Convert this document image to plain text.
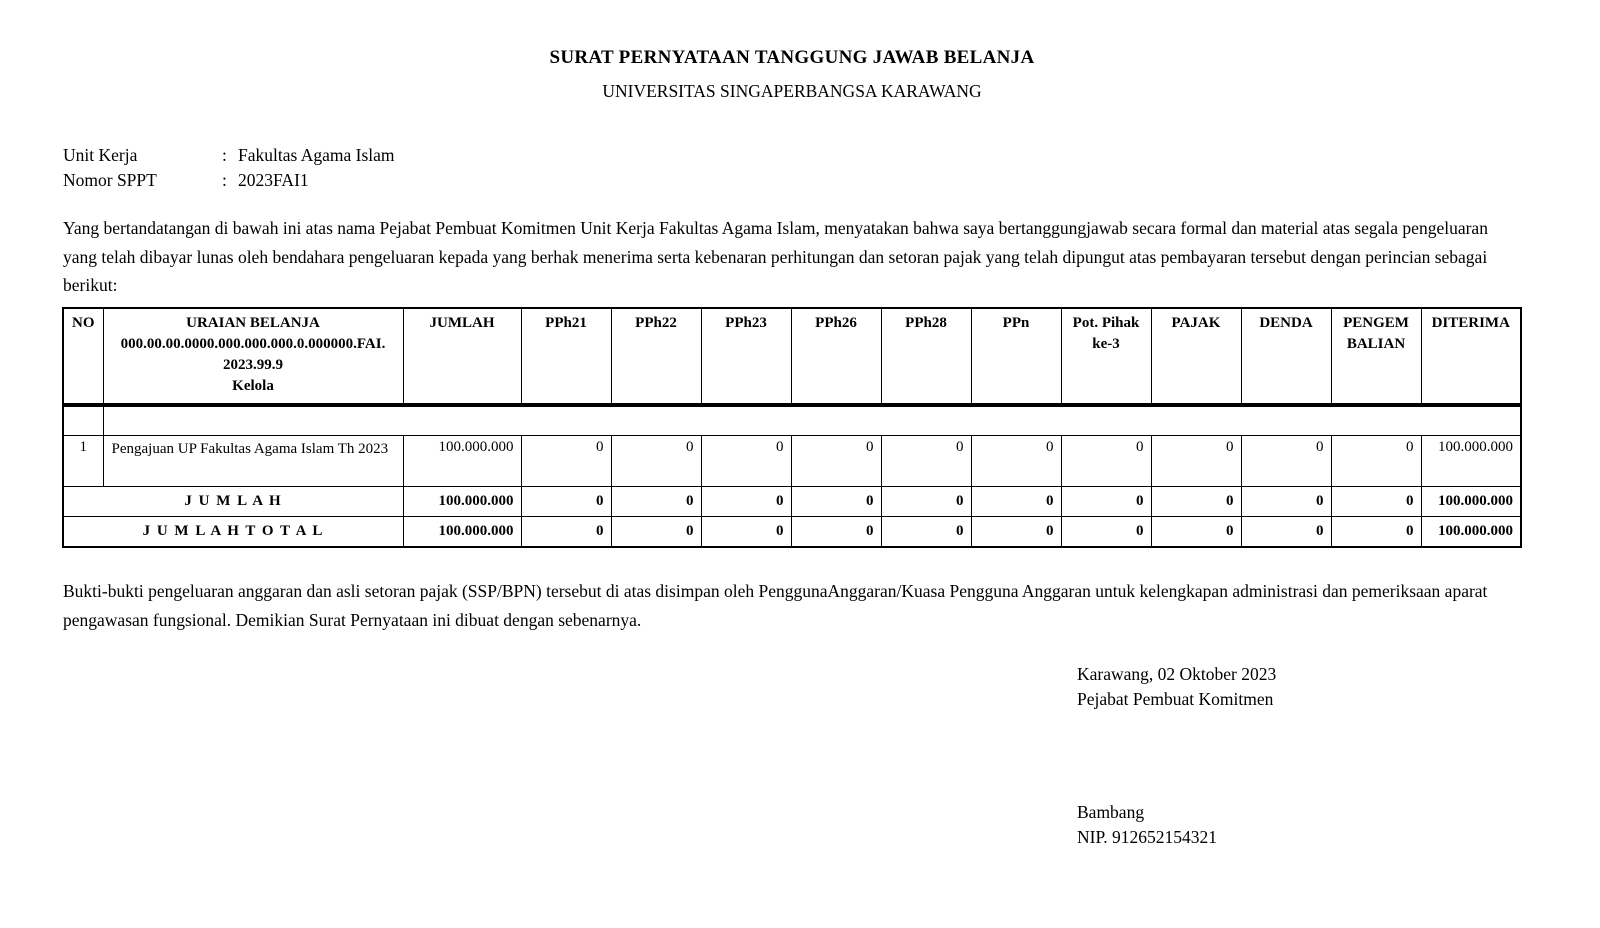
SURAT PERNYATAAN TANGGUNG JAWAB BELANJA
UNIVERSITAS SINGAPERBANGSA KARAWANG
Unit Kerja	: Fakultas Agama Islam
Nomor SPPT	: 2023FAI1

Yang bertandatangan di bawah ini atas nama Pejabat Pembuat Komitmen Unit Kerja Fakultas Agama Islam, menyatakan bahwa saya bertanggungjawab secara formal dan material atas segala pengeluaran yang telah dibayar lunas oleh bendahara pengeluaran kepada yang berhak menerima serta kebenaran perhitungan dan setoran pajak yang telah dipungut atas pembayaran tersebut dengan perincian sebagai berikut:

NO	URAIAN BELANJA
000.00.00.0000.000.000.000.0.000000.FAI.
2023.99.9
Kelola	JUMLAH	PPh21	PPh22	PPh23	PPh26	PPh28	PPn	Pot. Pihak ke-3	PAJAK	DENDA	PENGEM BALIAN	DITERIMA

1	Pengajuan UP Fakultas Agama Islam Th 2023	100.000.000	0	0	0	0	0	0	0	0	0	0	100.000.000
J U M L A H		100.000.000	0	0	0	0	0	0	0	0	0	0	100.000.000
J U M L A H T O T A L		100.000.000	0	0	0	0	0	0	0	0	0	0	100.000.000

Bukti-bukti pengeluaran anggaran dan asli setoran pajak (SSP/BPN) tersebut di atas disimpan oleh PenggunaAnggaran/Kuasa Pengguna Anggaran untuk kelengkapan administrasi dan pemeriksaan aparat pengawasan fungsional. Demikian Surat Pernyataan ini dibuat dengan sebenarnya.

Karawang, 02 Oktober 2023
Pejabat Pembuat Komitmen
Bambang
NIP. 912652154321
